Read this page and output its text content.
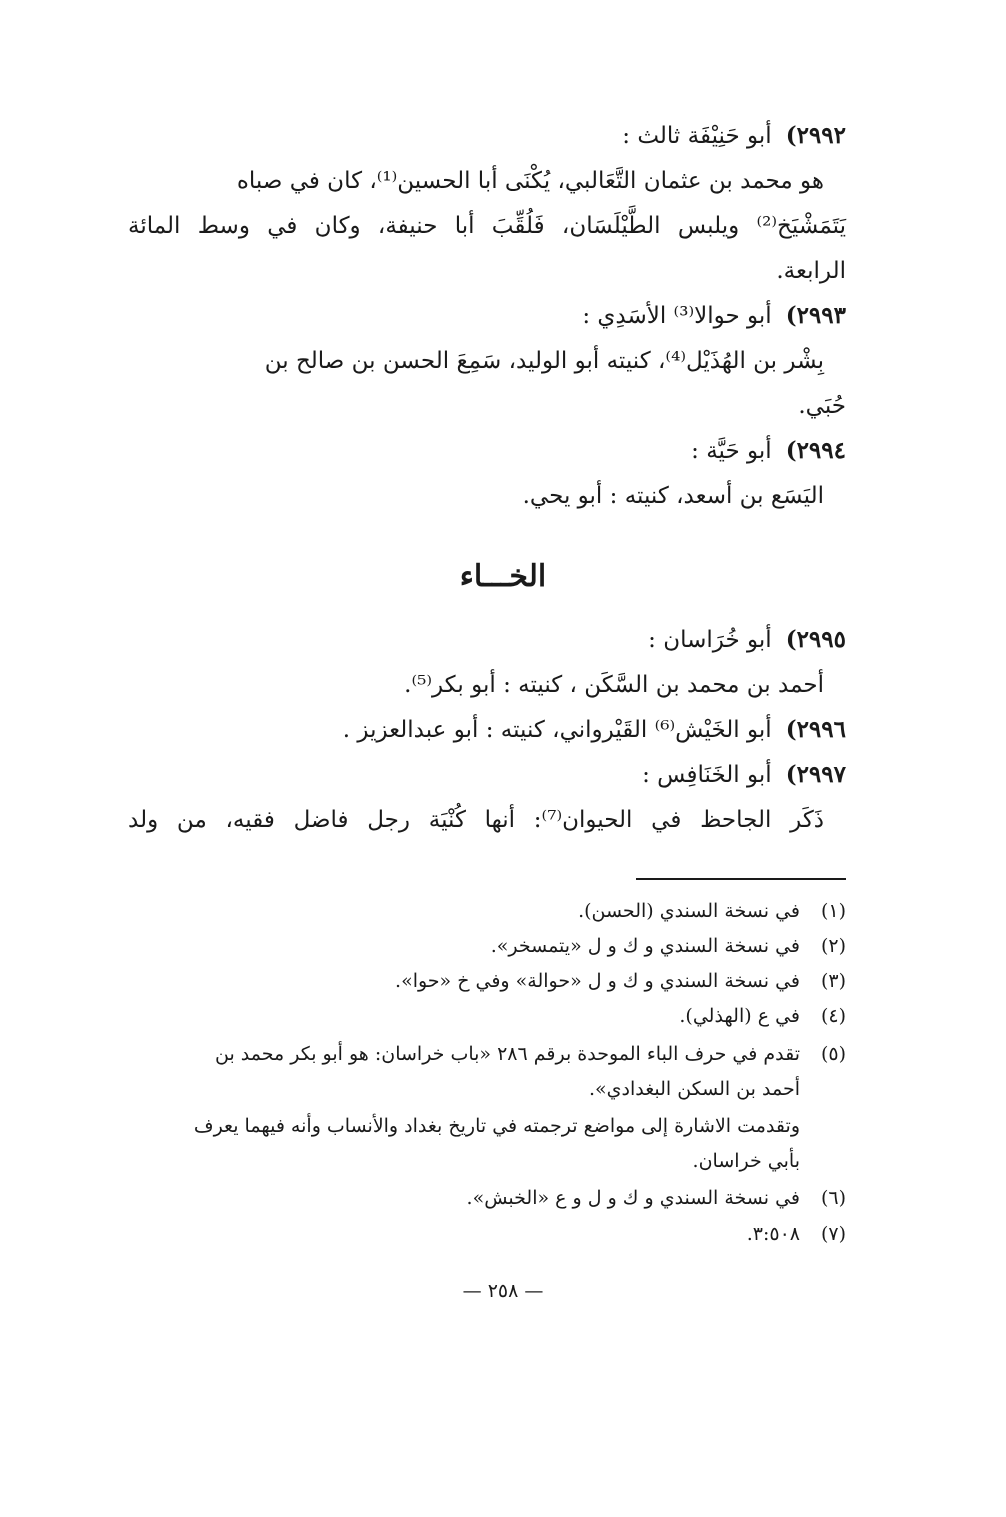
٢٩٩٢)أبو حَنِيْفَة ثالث :
هو محمد بن عثمان التَّعَالبي، يُكْنَى أبا الحسين⁽¹⁾، كان في صباه
يَتَمَشْيَخ⁽²⁾ ويلبس الطَّيْلَسَان، فَلُقِّبَ أبا حنيفة، وكان في وسط المائة
الرابعة.
٢٩٩٣)أبو حوالا⁽³⁾ الأسَدِي :
بِشْر بن الهُذَيْل⁽⁴⁾، كنيته أبو الوليد، سَمِعَ الحسن بن صالح بن
حُبَي.
٢٩٩٤)أبو حَيَّة :
اليَسَع بن أسعد، كنيته : أبو يحي.
الخـــاء
٢٩٩٥)أبو خُرَاسان :
أحمد بن محمد بن السَّكَن ، كنيته : أبو بكر⁽⁵⁾.
٢٩٩٦)أبو الخَيْش⁽⁶⁾ القَيْرواني، كنيته : أبو عبدالعزيز .
٢٩٩٧)أبو الخَنَافِس :
ذَكَر الجاحظ في الحيوان⁽⁷⁾: أنها كُنْيَة رجل فاضل فقيه، من ولد
(١)في نسخة السندي (الحسن).
(٢)في نسخة السندي و ك و ل «يتمسخر».
(٣)في نسخة السندي و ك و ل «حوالة» وفي خ «حوا».
(٤)في ع (الهذلي).
(٥)تقدم في حرف الباء الموحدة برقم ٢٨٦ «باب خراسان: هو أبو بكر محمد بن
أحمد بن السكن البغدادي».
وتقدمت الاشارة إلى مواضع ترجمته في تاريخ بغداد والأنساب وأنه فيهما يعرف
بأبي خراسان.
(٦)في نسخة السندي و ك و ل و ع «الخبش».
(٧)٣:٥٠٨.
— ٢٥٨ —
